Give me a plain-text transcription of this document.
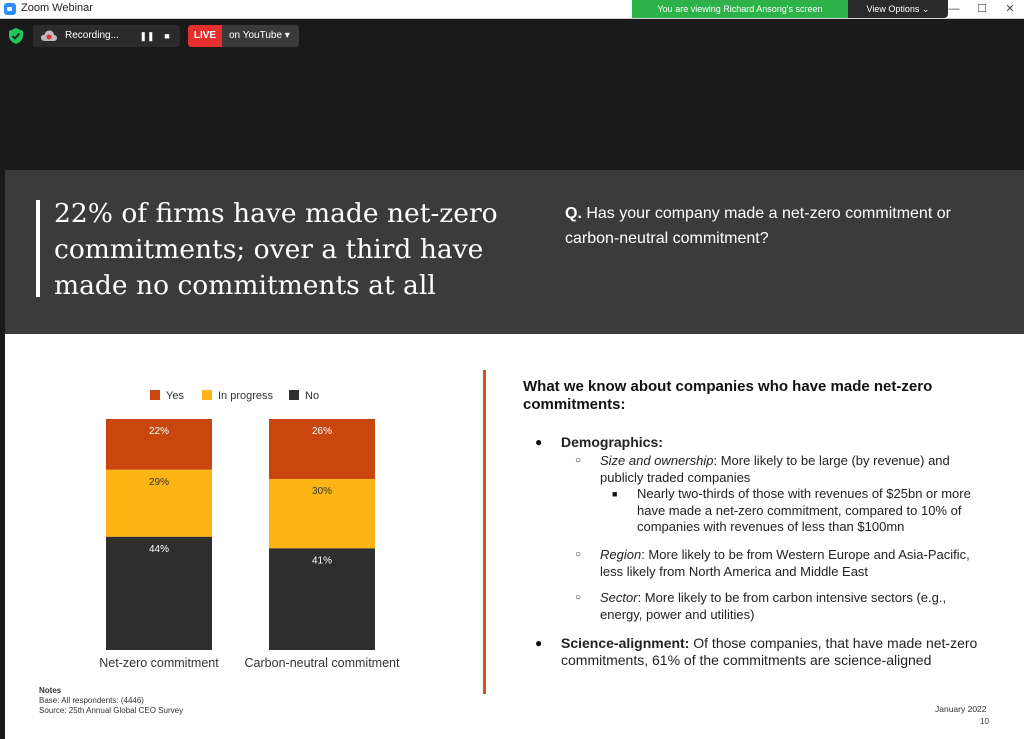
Zoom Webinar	—	☐	✕
You are viewing Richard Ansong's screen	View Options ⌄
Recording... ❚❚	■	LIVE	on YouTube ▾
22% of firms have made net-zero commitments; over a third have made no commitments at all
Q. Has your company made a net-zero commitment or carbon-neutral commitment?
Yes	In progress	No
22%
29%
44%
26%
30%
41%
Net-zero commitment	Carbon-neutral commitment
Notes
Base: All respondents: (4446)
Source: 25th Annual Global CEO Survey
What we know about companies who have made net-zero commitments:
● Demographics:
○ Size and ownership: More likely to be large (by revenue) and publicly traded companies
■ Nearly two-thirds of those with revenues of $25bn or more have made a net-zero commitment, compared to 10% of companies with revenues of less than $100mn
○ Region: More likely to be from Western Europe and Asia-Pacific, less likely from North America and Middle East
○ Sector: More likely to be from carbon intensive sectors (e.g., energy, power and utilities)
● Science-alignment: Of those companies, that have made net-zero commitments, 61% of the commitments are science-aligned
January 2022
10
